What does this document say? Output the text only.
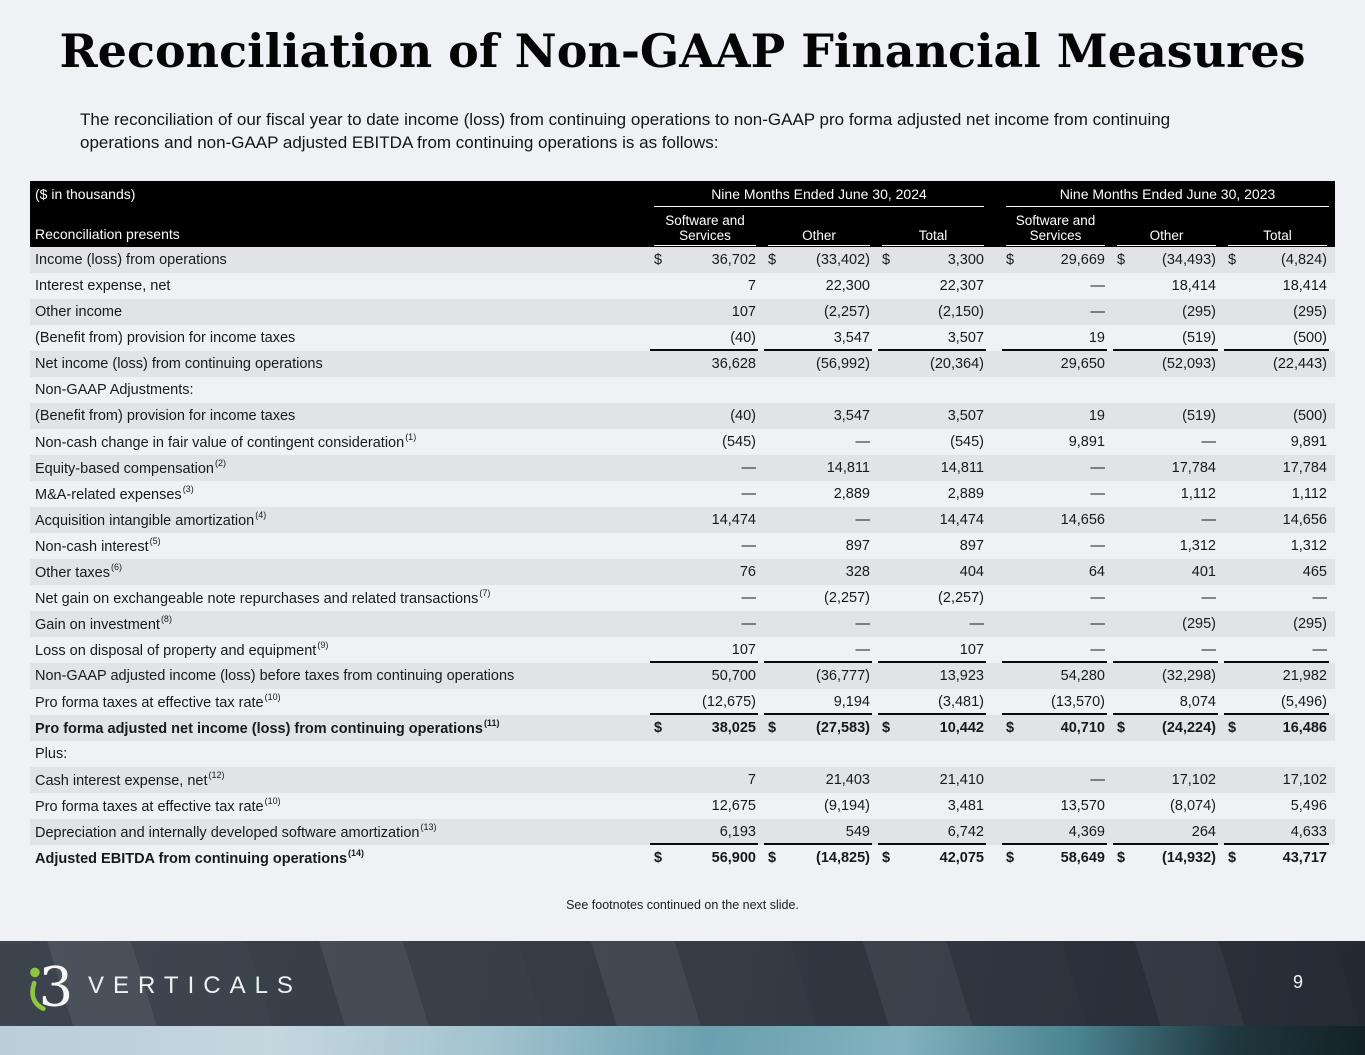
Reconciliation of Non-GAAP Financial Measures

The reconciliation of our fiscal year to date income (loss) from continuing operations to non-GAAP pro forma adjusted net income from continuing operations and non-GAAP adjusted EBITDA from continuing operations is as follows:

($ in thousands)	Nine Months Ended June 30, 2024	Nine Months Ended June 30, 2023
Reconciliation presents
Software and Services	Other	Total
Software and Services	Other	Total
Income (loss) from operations	$	36,702 $	(33,402) $	3,300 $	29,669 $	(34,493) $	(4,824)
Interest expense, net	7	22,300	22,307	—	18,414	18,414
Other income	107	(2,257)	(2,150)	—	(295)	(295)
(Benefit from) provision for income taxes	(40)	3,547	3,507	19	(519)	(500)
Net income (loss) from continuing operations	36,628	(56,992)	(20,364)	29,650	(52,093)	(22,443)
Non-GAAP Adjustments:
(Benefit from) provision for income taxes	(40)	3,547	3,507	19	(519)	(500)
Non-cash change in fair value of contingent consideration$^{(1)}$	(545)	—	(545)	9,891	—	9,891
Equity-based compensation$^{(2)}$	—	14,811	14,811	—	17,784	17,784
M&A-related expenses$^{(3)}$	—	2,889	2,889	—	1,112	1,112
Acquisition intangible amortization$^{(4)}$	14,474	—	14,474	14,656	—	14,656
Non-cash interest$^{(5)}$	—	897	897	—	1,312	1,312
Other taxes$^{(6)}$	76	328	404	64	401	465
Net gain on exchangeable note repurchases and related transactions$^{(7)}$	—	(2,257)	(2,257)	—	—	—
Gain on investment$^{(8)}$	—	—	—	—	(295)	(295)
Loss on disposal of property and equipment$^{(9)}$	107	—	107	—	—	—
Non-GAAP adjusted income (loss) before taxes from continuing operations	50,700	(36,777)	13,923	54,280	(32,298)	21,982
Pro forma taxes at effective tax rate$^{(10)}$	(12,675)	9,194	(3,481)	(13,570)	8,074	(5,496)
Pro forma adjusted net income (loss) from continuing operations$^{(11)}$	$	38,025 $	(27,583) $	10,442 $	40,710 $	(24,224) $	16,486
Plus:
Cash interest expense, net$^{(12)}$	7	21,403	21,410	—	17,102	17,102
Pro forma taxes at effective tax rate$^{(10)}$	12,675	(9,194)	3,481	13,570	(8,074)	5,496
Depreciation and internally developed software amortization$^{(13)}$	6,193	549	6,742	4,369	264	4,633
Adjusted EBITDA from continuing operations$^{(14)}$	$	56,900 $	(14,825) $	42,075 $	58,649 $	(14,932) $	43,717

See footnotes continued on the next slide.

3 VERTICALS	9
